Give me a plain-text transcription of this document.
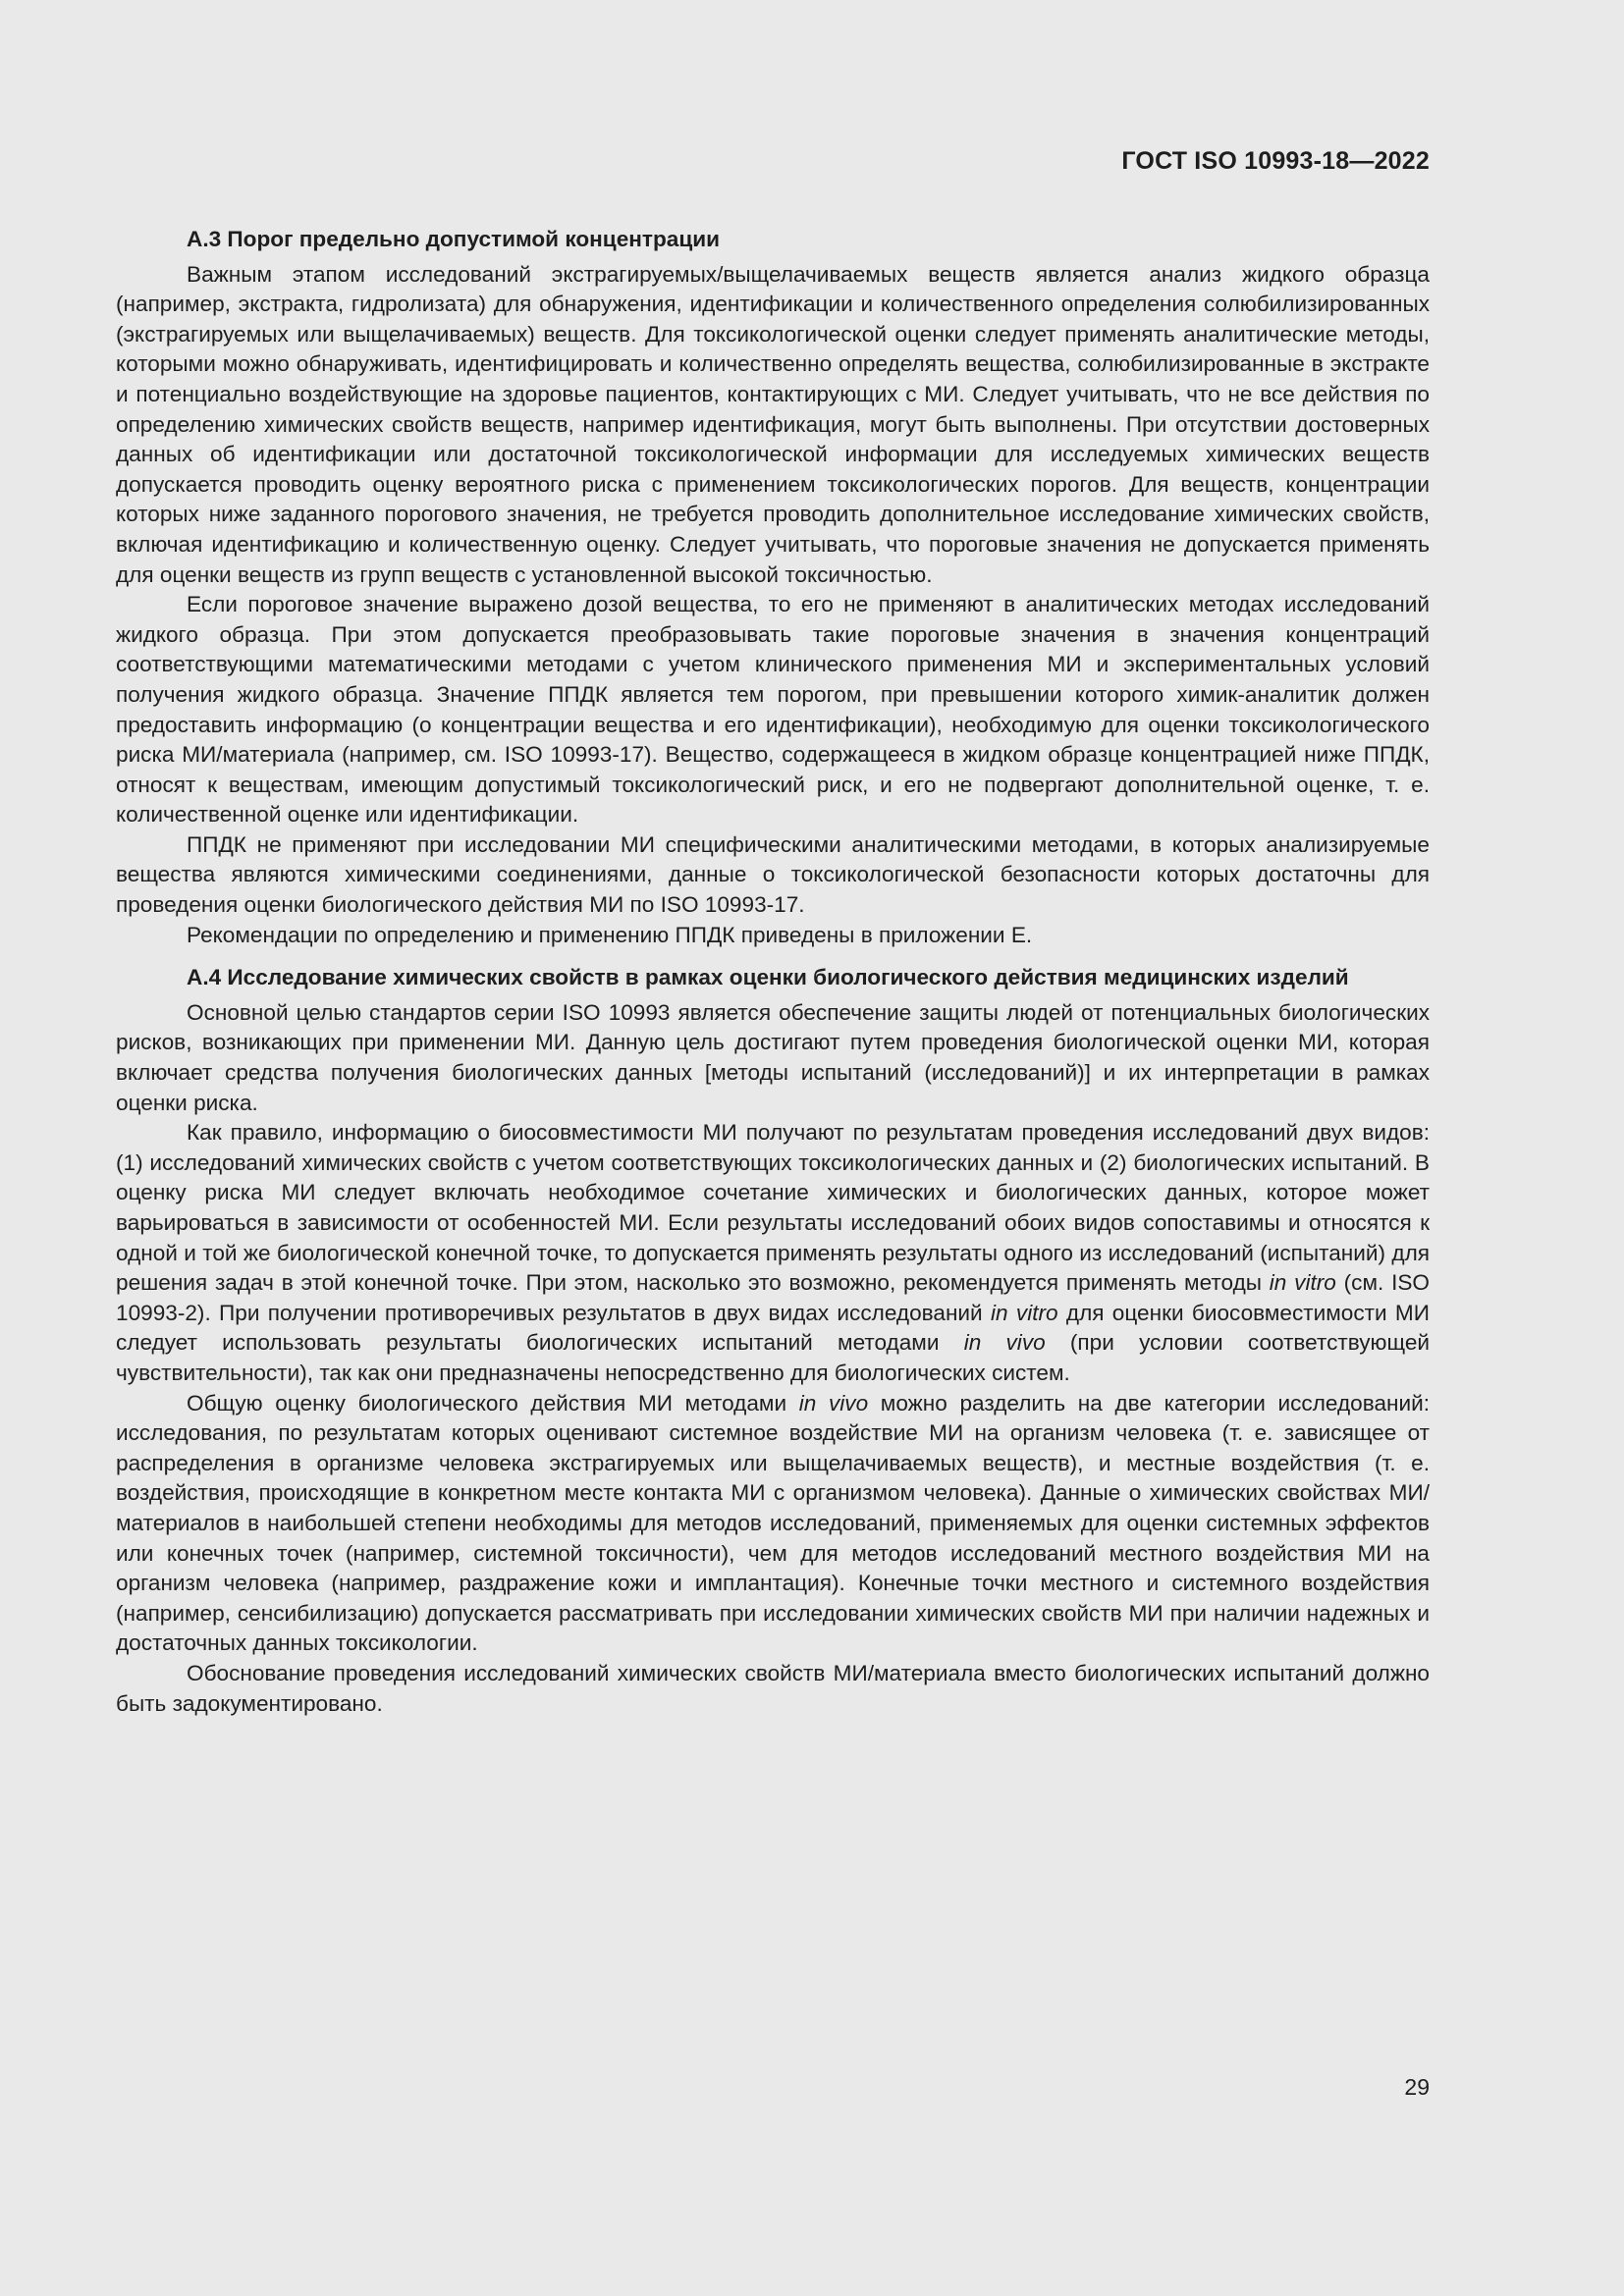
ГОСТ ISO 10993-18—2022
А.3 Порог предельно допустимой концентрации

Важным этапом исследований экстрагируемых/выщелачиваемых веществ является анализ жидкого образца (например, экстракта, гидролизата) для обнаружения, идентификации и количественного определения солюбилизированных (экстрагируемых или выщелачиваемых) веществ. Для токсикологической оценки следует применять аналитические методы, которыми можно обнаруживать, идентифицировать и количественно определять вещества, солюбилизированные в экстракте и потенциально воздействующие на здоровье пациентов, контактирующих с МИ. Следует учитывать, что не все действия по определению химических свойств веществ, например идентификация, могут быть выполнены. При отсутствии достоверных данных об идентификации или достаточной токсикологической информации для исследуемых химических веществ допускается проводить оценку вероятного риска с применением токсикологических порогов. Для веществ, концентрации которых ниже заданного порогового значения, не требуется проводить дополнительное исследование химических свойств, включая идентификацию и количественную оценку. Следует учитывать, что пороговые значения не допускается применять для оценки веществ из групп веществ с установленной высокой токсичностью.

Если пороговое значение выражено дозой вещества, то его не применяют в аналитических методах исследований жидкого образца. При этом допускается преобразовывать такие пороговые значения в значения концентраций соответствующими математическими методами с учетом клинического применения МИ и экспериментальных условий получения жидкого образца. Значение ППДК является тем порогом, при превышении которого химик-аналитик должен предоставить информацию (о концентрации вещества и его идентификации), необходимую для оценки токсикологического риска МИ/материала (например, см. ISO 10993-17). Вещество, содержащееся в жидком образце концентрацией ниже ППДК, относят к веществам, имеющим допустимый токсикологический риск, и его не подвергают дополнительной оценке, т. е. количественной оценке или идентификации.

ППДК не применяют при исследовании МИ специфическими аналитическими методами, в которых анализируемые вещества являются химическими соединениями, данные о токсикологической безопасности которых достаточны для проведения оценки биологического действия МИ по ISO 10993-17.

Рекомендации по определению и применению ППДК приведены в приложении Е.

А.4 Исследование химических свойств в рамках оценки биологического действия медицинских изделий

Основной целью стандартов серии ISO 10993 является обеспечение защиты людей от потенциальных биологических рисков, возникающих при применении МИ. Данную цель достигают путем проведения биологической оценки МИ, которая включает средства получения биологических данных [методы испытаний (исследований)] и их интерпретации в рамках оценки риска.

Как правило, информацию о биосовместимости МИ получают по результатам проведения исследований двух видов: (1) исследований химических свойств с учетом соответствующих токсикологических данных и (2) биологических испытаний. В оценку риска МИ следует включать необходимое сочетание химических и биологических данных, которое может варьироваться в зависимости от особенностей МИ. Если результаты исследований обоих видов сопоставимы и относятся к одной и той же биологической конечной точке, то допускается применять результаты одного из исследований (испытаний) для решения задач в этой конечной точке. При этом, насколько это возможно, рекомендуется применять методы in vitro (см. ISO 10993-2). При получении противоречивых результатов в двух видах исследований in vitro для оценки биосовместимости МИ следует использовать результаты биологических испытаний методами in vivo (при условии соответствующей чувствительности), так как они предназначены непосредственно для биологических систем.

Общую оценку биологического действия МИ методами in vivo можно разделить на две категории исследований: исследования, по результатам которых оценивают системное воздействие МИ на организм человека (т. е. зависящее от распределения в организме человека экстрагируемых или выщелачиваемых веществ), и местные воздействия (т. е. воздействия, происходящие в конкретном месте контакта МИ с организмом человека). Данные о химических свойствах МИ/материалов в наибольшей степени необходимы для методов исследований, применяемых для оценки системных эффектов или конечных точек (например, системной токсичности), чем для методов исследований местного воздействия МИ на организм человека (например, раздражение кожи и имплантация). Конечные точки местного и системного воздействия (например, сенсибилизацию) допускается рассматривать при исследовании химических свойств МИ при наличии надежных и достаточных данных токсикологии.

Обоснование проведения исследований химических свойств МИ/материала вместо биологических испытаний должно быть задокументировано.

29
